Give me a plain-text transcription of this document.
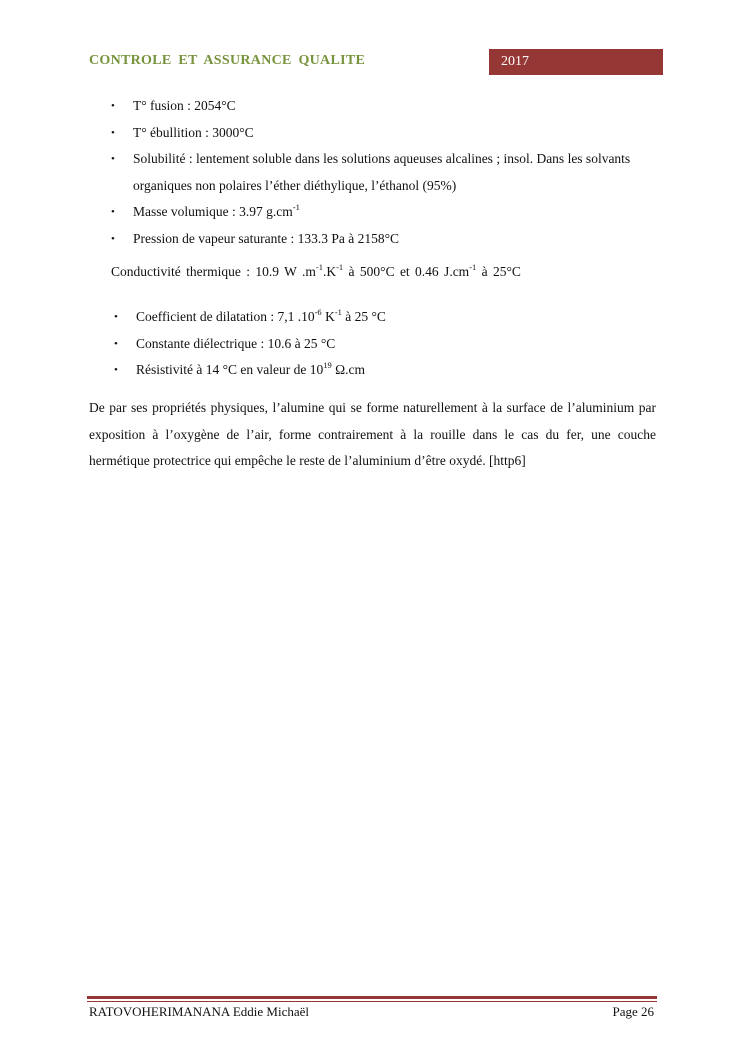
CONTROLE ET ASSURANCE QUALITE	2017
• T° fusion : 2054°C
• T° ébullition : 3000°C
• Solubilité : lentement soluble dans les solutions aqueuses alcalines ; insol. Dans les solvants organiques non polaires l’éther diéthylique, l’éthanol (95%)
• Masse volumique : 3.97 $g.cm^{-1}$
• Pression de vapeur saturante : 133.3 Pa à 2158°C
Conductivité thermique : 10.9 W $.m^{-1}.K^{-1}$ à 500°C et 0.46 $J.cm^{-1}$ à 25°C
• Coefficient de dilatation : 7,1 $.10^{-6}$ $K^{-1}$ à 25 °C
• Constante diélectrique : 10.6 à 25 °C
• Résistivité à 14 °C en valeur de $10^{19}$ Ω.cm

De par ses propriétés physiques, l’alumine qui se forme naturellement à la surface de l’aluminium par exposition à l’oxygène de l’air, forme contrairement à la rouille dans le cas du fer, une couche hermétique protectrice qui empêche le reste de l’aluminium d’être oxydé. [http6]

RATOVOHERIMANANA Eddie Michaël	Page 26
